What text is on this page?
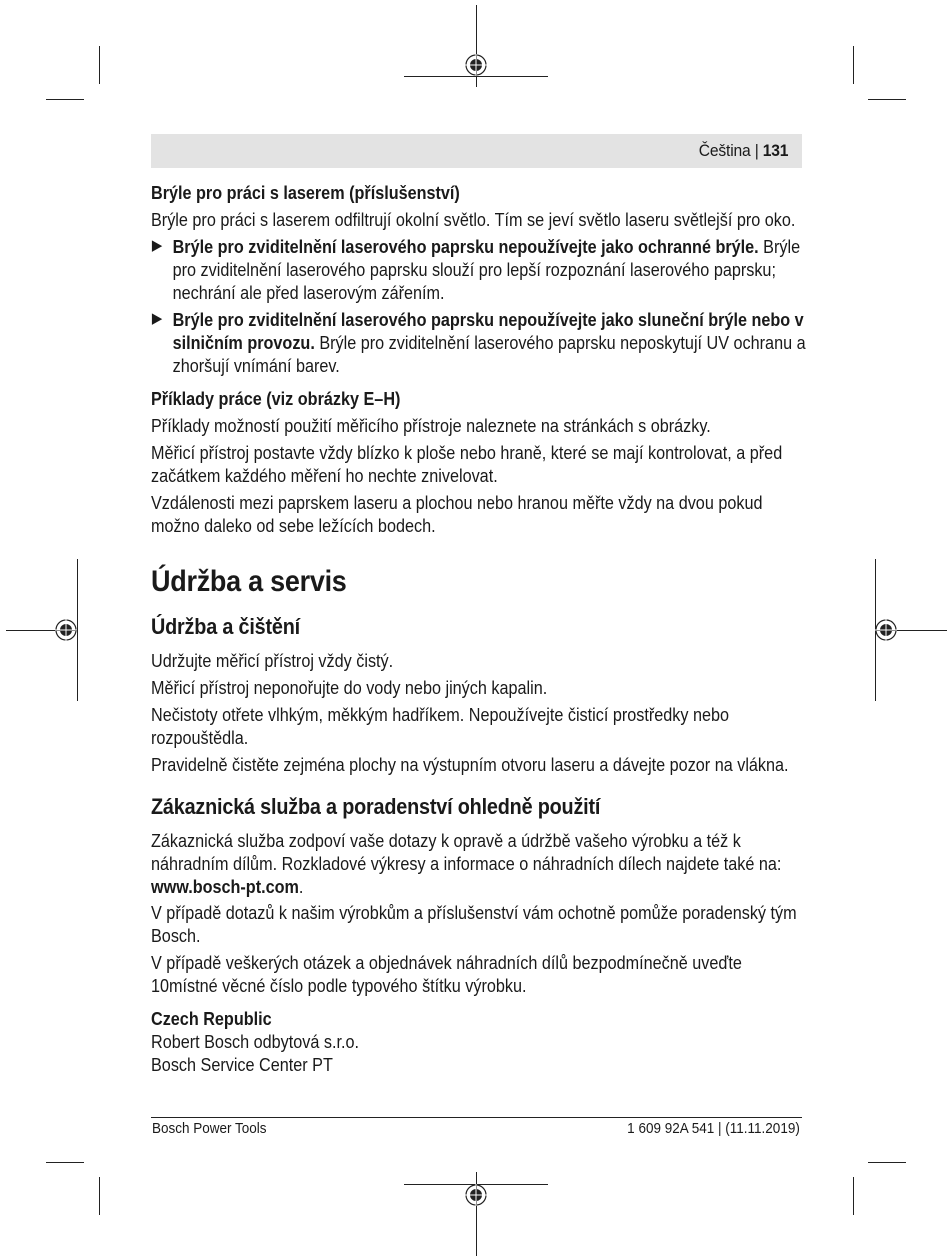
Čeština | 131

Brýle pro práci s laserem (příslušenství)

Brýle pro práci s laserem odfiltrují okolní světlo. Tím se jeví světlo laseru světlejší pro oko.

▶ Brýle pro zviditelnění laserového paprsku nepoužívejte jako ochranné brýle. Brýle pro zviditelnění laserového paprsku slouží pro lepší rozpoznání laserového paprsku; nechrání ale před laserovým zářením.

▶ Brýle pro zviditelnění laserového paprsku nepoužívejte jako sluneční brýle nebo v silničním provozu. Brýle pro zviditelnění laserového paprsku neposkytují UV ochranu a zhoršují vnímání barev.

Příklady práce (viz obrázky E–H)

Příklady možností použití měřicího přístroje naleznete na stránkách s obrázky.

Měřicí přístroj postavte vždy blízko k ploše nebo hraně, které se mají kontrolovat, a před začátkem každého měření ho nechte znivelovat.

Vzdálenosti mezi paprskem laseru a plochou nebo hranou měřte vždy na dvou pokud možno daleko od sebe ležících bodech.

Údržba a servis
Údržba a čištění

Udržujte měřicí přístroj vždy čistý.

Měřicí přístroj neponořujte do vody nebo jiných kapalin.

Nečistoty otřete vlhkým, měkkým hadříkem. Nepoužívejte čisticí prostředky nebo rozpouštědla.

Pravidelně čistěte zejména plochy na výstupním otvoru laseru a dávejte pozor na vlákna.

Zákaznická služba a poradenství ohledně použití

Zákaznická služba zodpoví vaše dotazy k opravě a údržbě vašeho výrobku a též k náhradním dílům. Rozkladové výkresy a informace o náhradních dílech najdete také na:
www.bosch-pt.com.

V případě dotazů k našim výrobkům a příslušenství vám ochotně pomůže poradenský tým Bosch.

V případě veškerých otázek a objednávek náhradních dílů bezpodmínečně uveďte 10místné věcné číslo podle typového štítku výrobku.

Czech Republic

Robert Bosch odbytová s.r.o.

Bosch Service Center PT

Bosch Power Tools	1 609 92A 541 | (11.11.2019)
